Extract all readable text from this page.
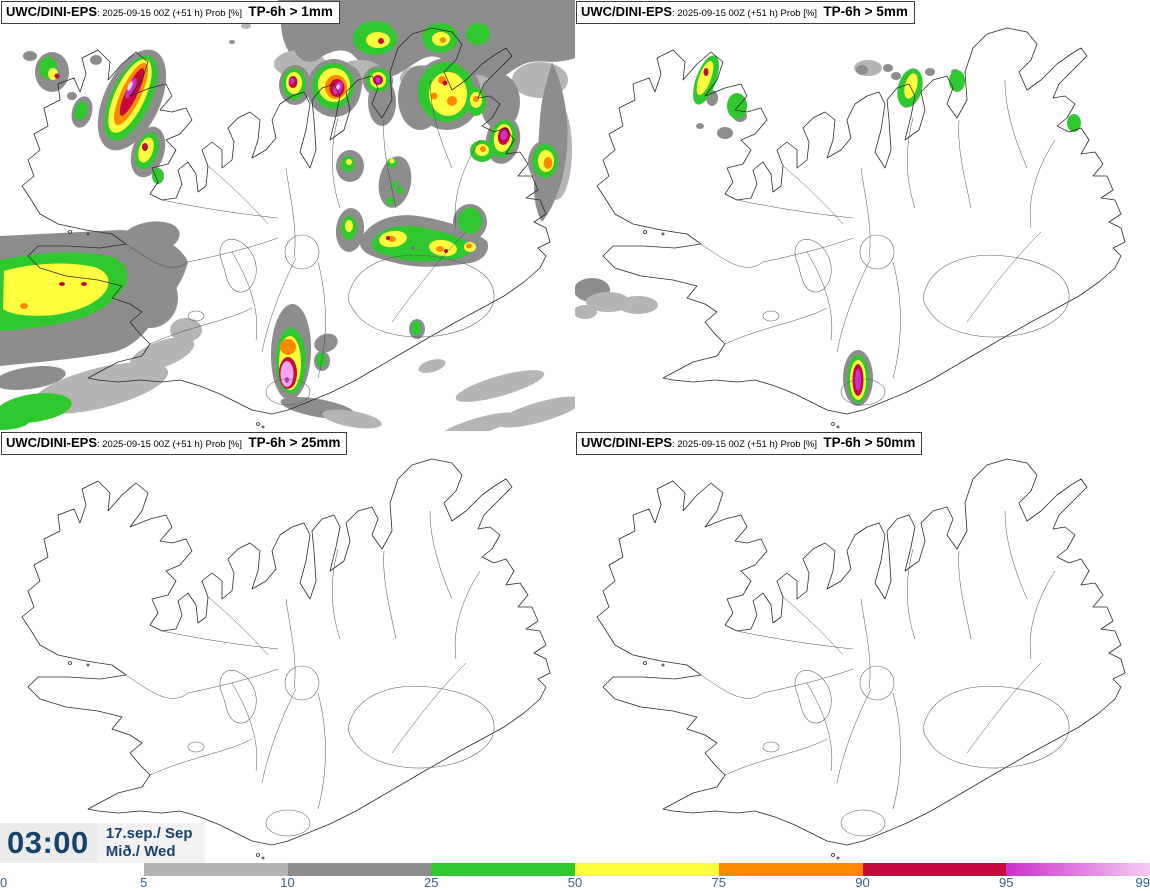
UWC/DINI-EPS: 2025-09-15 00Z (+51 h) Prob [%] TP-6h > 1mm	UWC/DINI-EPS: 2025-09-15 00Z (+51 h) Prob [%] TP-6h > 5mm
UWC/DINI-EPS: 2025-09-15 00Z (+51 h) Prob [%] TP-6h > 25mm	UWC/DINI-EPS: 2025-09-15 00Z (+51 h) Prob [%] TP-6h > 50mm
03:00 17.sep./ Sep
Mið./ Wed
0	5	10	25	50	75	90	95	99
